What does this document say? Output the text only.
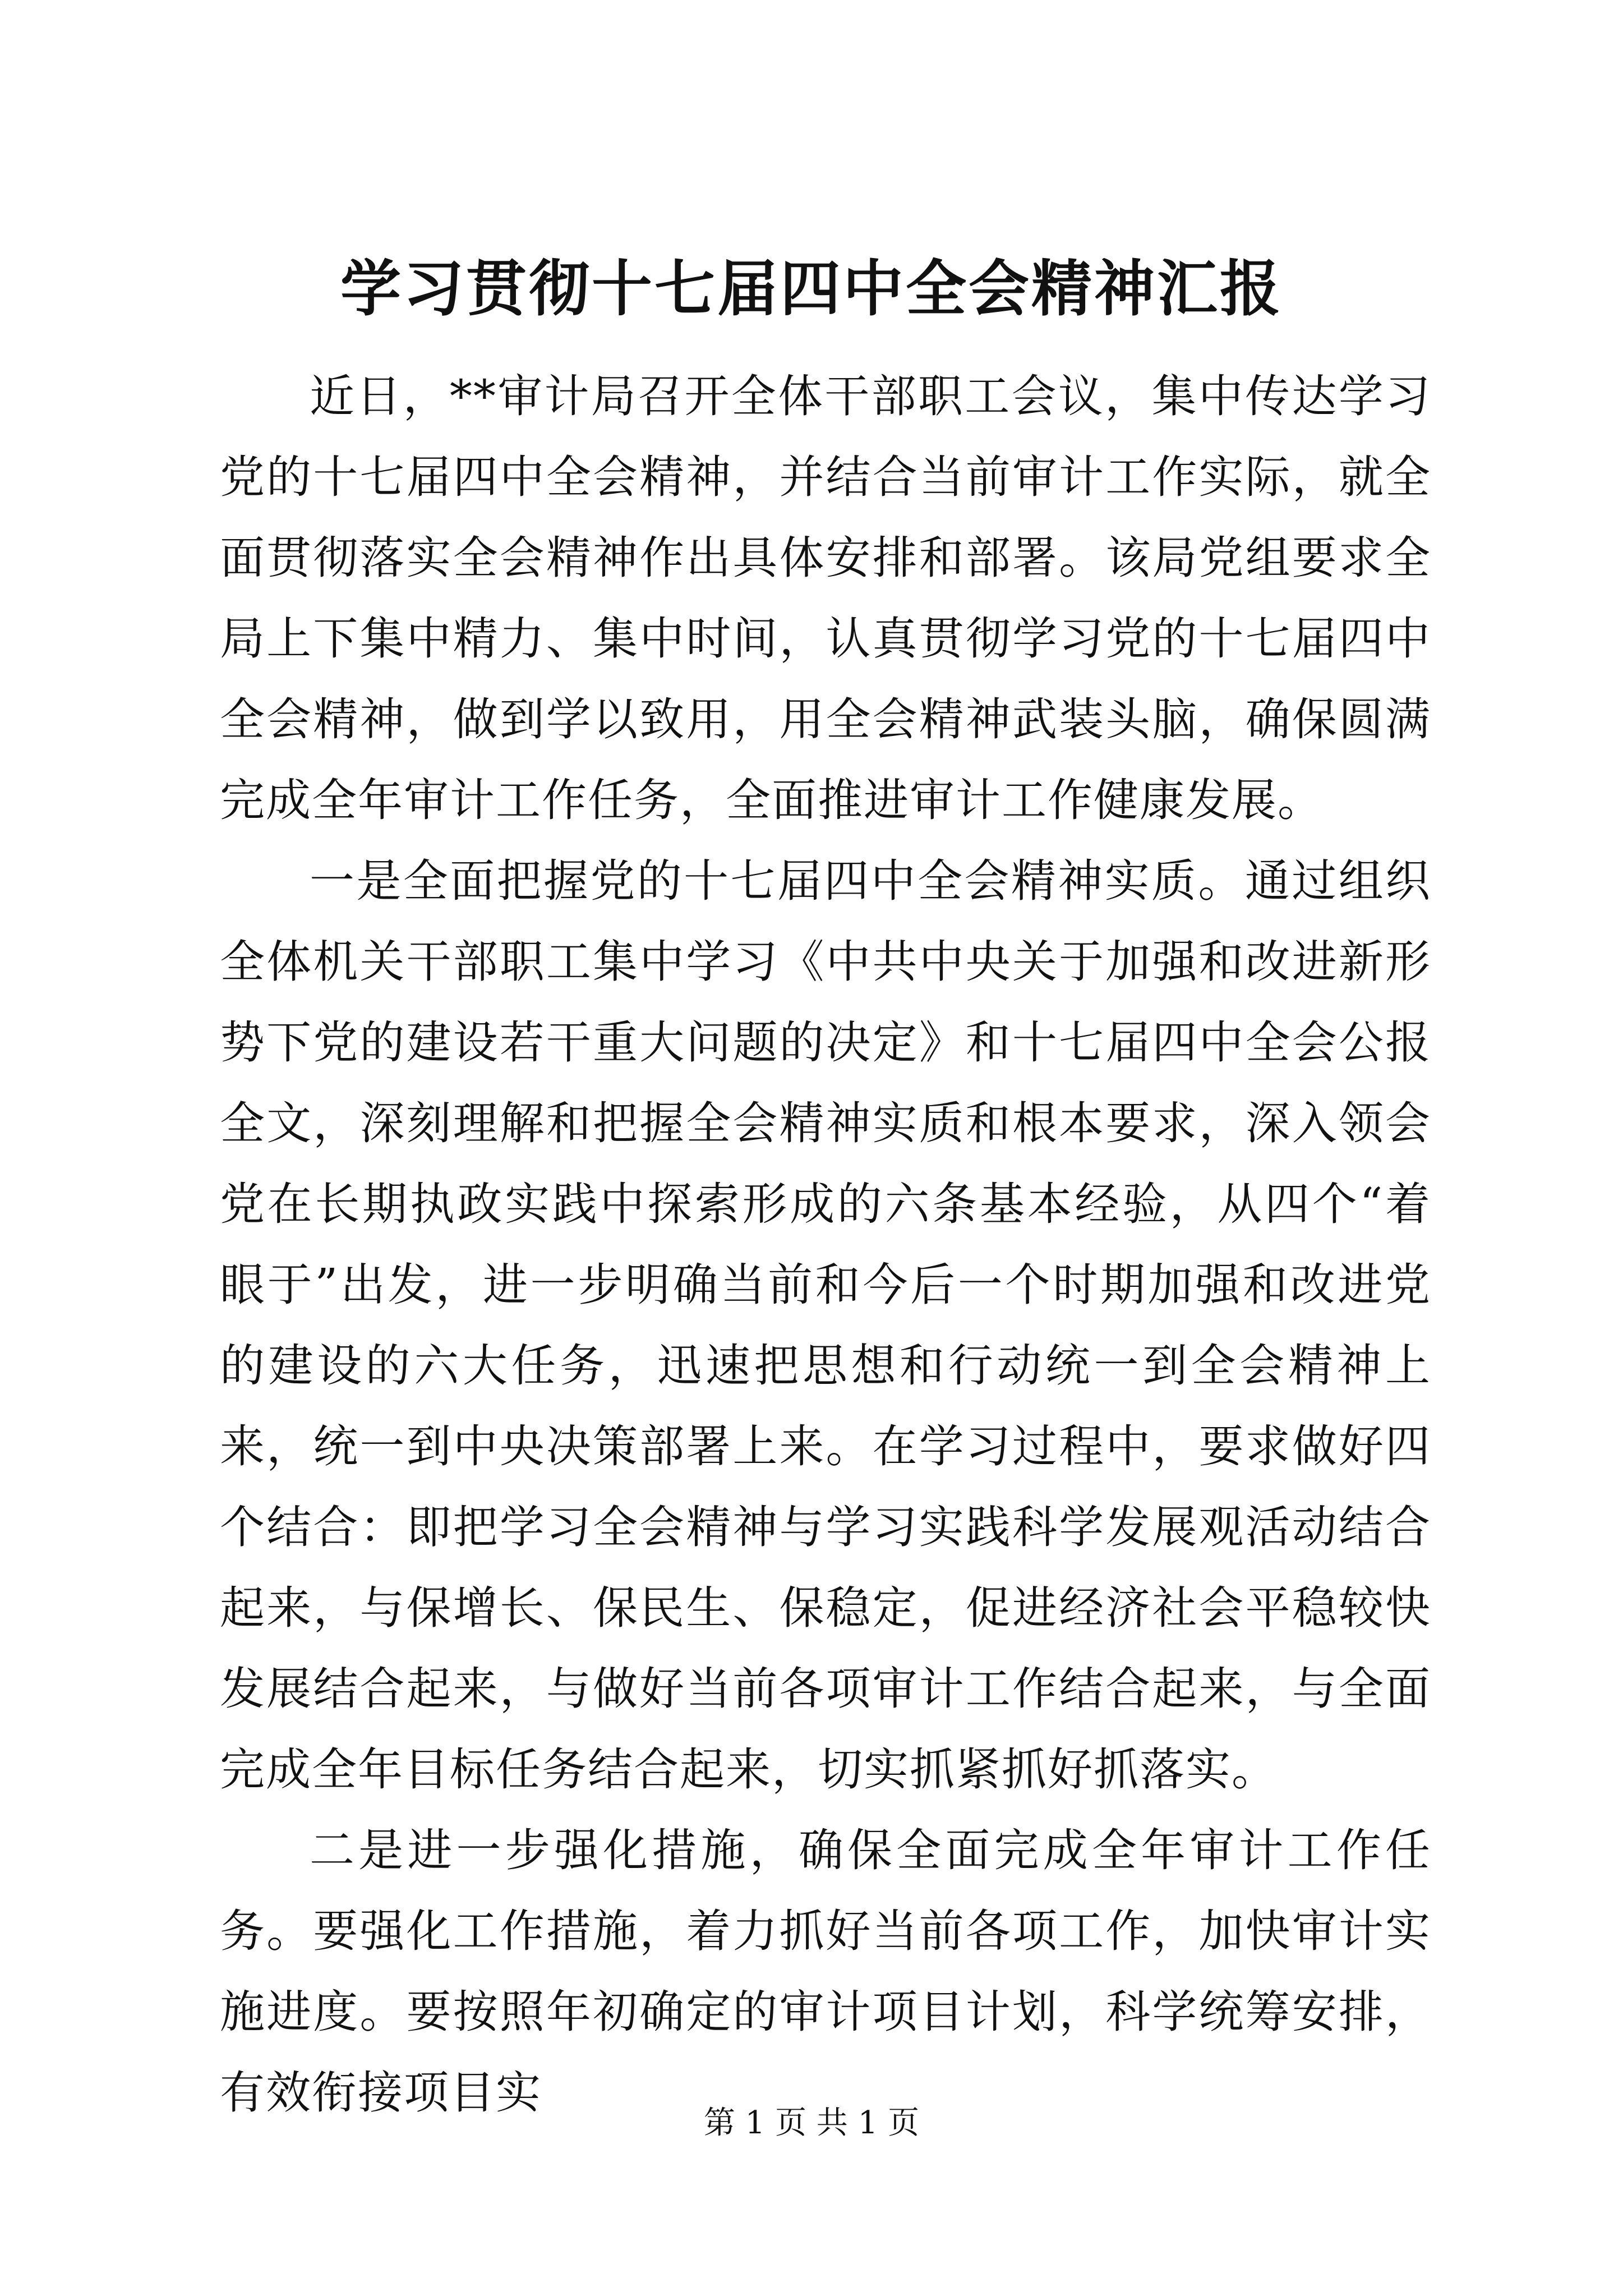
学习贯彻十七届四中全会精神汇报

近日，**审计局召开全体干部职工会议，集中传达学习党的十七届四中全会精神，并结合当前审计工作实际，就全面贯彻落实全会精神作出具体安排和部署。该局党组要求全局上下集中精力、集中时间，认真贯彻学习党的十七届四中全会精神，做到学以致用，用全会精神武装头脑，确保圆满完成全年审计工作任务，全面推进审计工作健康发展。

一是全面把握党的十七届四中全会精神实质。通过组织全体机关干部职工集中学习《中共中央关于加强和改进新形势下党的建设若干重大问题的决定》和十七届四中全会公报全文，深刻理解和把握全会精神实质和根本要求，深入领会党在长期执政实践中探索形成的六条基本经验，从四个“着眼于”出发，进一步明确当前和今后一个时期加强和改进党的建设的六大任务，迅速把思想和行动统一到全会精神上来，统一到中央决策部署上来。在学习过程中，要求做好四个结合：即把学习全会精神与学习实践科学发展观活动结合起来，与保增长、保民生、保稳定，促进经济社会平稳较快发展结合起来，与做好当前各项审计工作结合起来，与全面完成全年目标任务结合起来，切实抓紧抓好抓落实。

二是进一步强化措施，确保全面完成全年审计工作任务。要强化工作措施，着力抓好当前各项工作，加快审计实施进度。要按照年初确定的审计项目计划，科学统筹安排，有效衔接项目实

第 1 页 共 1 页
